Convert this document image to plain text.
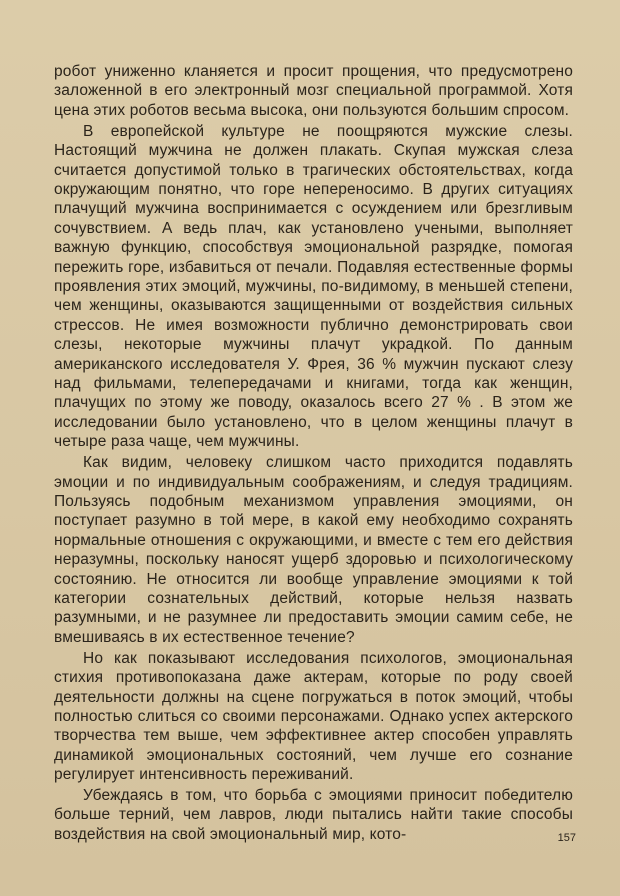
робот униженно кланяется и просит прощения, что предусмотрено заложенной в его электронный мозг специальной программой. Хотя цена этих роботов весьма высока, они пользуются большим спросом.

В европейской культуре не поощряются мужские слезы. Настоящий мужчина не должен плакать. Скупая мужская слеза считается допустимой только в трагических обстоятельствах, когда окружающим понятно, что горе непереносимо. В других ситуациях плачущий мужчина воспринимается с осуждением или брезгливым сочувствием. А ведь плач, как установлено учеными, выполняет важную функцию, способствуя эмоциональной разрядке, помогая пережить горе, избавиться от печали. Подавляя естественные формы проявления этих эмоций, мужчины, по-видимому, в меньшей степени, чем женщины, оказываются защищенными от воздействия сильных стрессов. Не имея возможности публично демонстрировать свои слезы, некоторые мужчины плачут украдкой. По данным американского исследователя У. Фрея, 36 % мужчин пускают слезу над фильмами, телепередачами и книгами, тогда как женщин, плачущих по этому же поводу, оказалось всего 27 % . В этом же исследовании было установлено, что в целом женщины плачут в четыре раза чаще, чем мужчины.

Как видим, человеку слишком часто приходится подавлять эмоции и по индивидуальным соображениям, и следуя традициям. Пользуясь подобным механизмом управления эмоциями, он поступает разумно в той мере, в какой ему необходимо сохранять нормальные отношения с окружающими, и вместе с тем его действия неразумны, поскольку наносят ущерб здоровью и психологическому состоянию. Не относится ли вообще управление эмоциями к той категории сознательных действий, которые нельзя назвать разумными, и не разумнее ли предоставить эмоции самим себе, не вмешиваясь в их естественное течение?

Но как показывают исследования психологов, эмоциональная стихия противопоказана даже актерам, которые по роду своей деятельности должны на сцене погружаться в поток эмоций, чтобы полностью слиться со своими персонажами. Однако успех актерского творчества тем выше, чем эффективнее актер способен управлять динамикой эмоциональных состояний, чем лучше его сознание регулирует интенсивность переживаний.

Убеждаясь в том, что борьба с эмоциями приносит победителю больше терний, чем лавров, люди пытались найти такие способы воздействия на свой эмоциональный мир, кото-	157
